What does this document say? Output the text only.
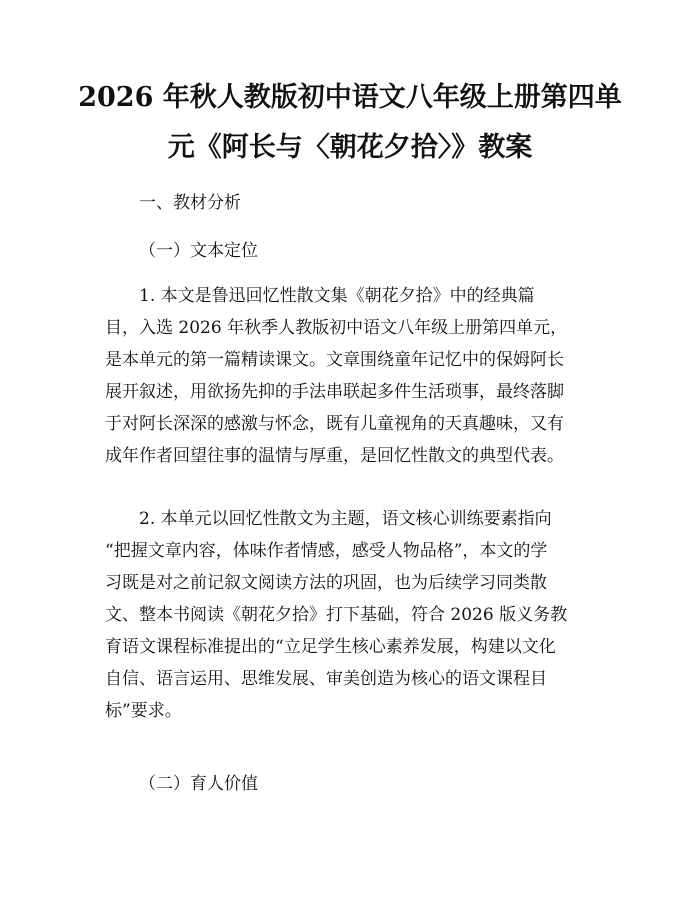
2026 年秋人教版初中语文八年级上册第四单
元《阿长与〈朝花夕拾〉》教案
一、教材分析
（一）文本定位
1. 本文是鲁迅回忆性散文集《朝花夕拾》中的经典篇
目，入选 2026 年秋季人教版初中语文八年级上册第四单元，
是本单元的第一篇精读课文。文章围绕童年记忆中的保姆阿长
展开叙述，用欲扬先抑的手法串联起多件生活琐事，最终落脚
于对阿长深深的感激与怀念，既有儿童视角的天真趣味，又有
成年作者回望往事的温情与厚重，是回忆性散文的典型代表。
2. 本单元以回忆性散文为主题，语文核心训练要素指向
“把握文章内容，体味作者情感，感受人物品格”，本文的学
习既是对之前记叙文阅读方法的巩固，也为后续学习同类散
文、整本书阅读《朝花夕拾》打下基础，符合 2026 版义务教
育语文课程标准提出的“立足学生核心素养发展，构建以文化
自信、语言运用、思维发展、审美创造为核心的语文课程目
标”要求。
（二）育人价值
